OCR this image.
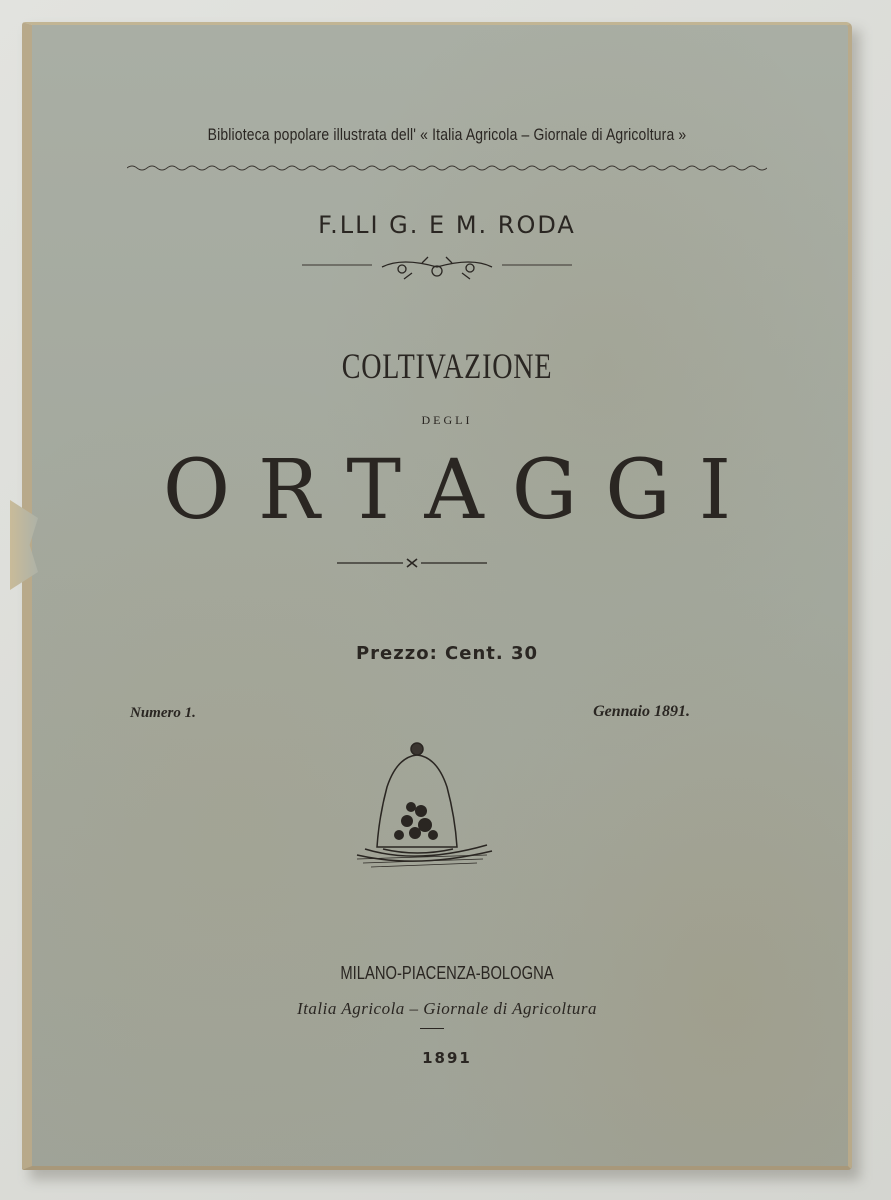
Biblioteca popolare illustrata dell' « Italia Agricola – Giornale di Agricoltura »
F.LLI G. E M. RODA
COLTIVAZIONE
DEGLI
ORTAGGI
Prezzo: Cent. 30
Numero 1.	Gennaio 1891.
MILANO-PIACENZA-BOLOGNA
Italia Agricola – Giornale di Agricoltura
1891
